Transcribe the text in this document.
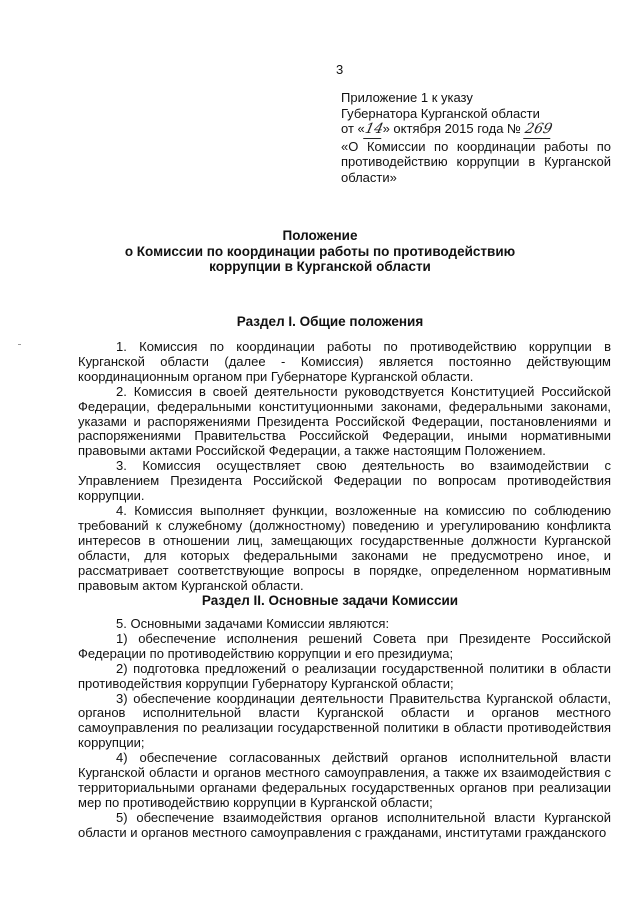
3
Приложение 1 к указу
Губернатора Курганской области
от «14» октября 2015 года № 269
«О Комиссии по координации работы по противодействию коррупции в Курганской области»
Положение
о Комиссии по координации работы по противодействию
коррупции в Курганской области
Раздел I. Общие положения

1. Комиссия по координации работы по противодействию коррупции в Курганской области (далее - Комиссия) является постоянно действующим координационным органом при Губернаторе Курганской области.

2. Комиссия в своей деятельности руководствуется Конституцией Российской Федерации, федеральными конституционными законами, федеральными законами, указами и распоряжениями Президента Российской Федерации, постановлениями и распоряжениями Правительства Российской Федерации, иными нормативными правовыми актами Российской Федерации, а также настоящим Положением.

3. Комиссия осуществляет свою деятельность во взаимодействии с Управлением Президента Российской Федерации по вопросам противодействия коррупции.

4. Комиссия выполняет функции, возложенные на комиссию по соблюдению требований к служебному (должностному) поведению и урегулированию конфликта интересов в отношении лиц, замещающих государственные должности Курганской области, для которых федеральными законами не предусмотрено иное, и рассматривает соответствующие вопросы в порядке, определенном нормативным правовым актом Курганской области.

Раздел II. Основные задачи Комиссии

5. Основными задачами Комиссии являются:

1) обеспечение исполнения решений Совета при Президенте Российской Федерации по противодействию коррупции и его президиума;

2) подготовка предложений о реализации государственной политики в области противодействия коррупции Губернатору Курганской области;

3) обеспечение координации деятельности Правительства Курганской области, органов исполнительной власти Курганской области и органов местного самоуправления по реализации государственной политики в области противодействия коррупции;

4) обеспечение согласованных действий органов исполнительной власти Курганской области и органов местного самоуправления, а также их взаимодействия с территориальными органами федеральных государственных органов при реализации мер по противодействию коррупции в Курганской области;

5) обеспечение взаимодействия органов исполнительной власти Курганской области и органов местного самоуправления с гражданами, институтами гражданского
